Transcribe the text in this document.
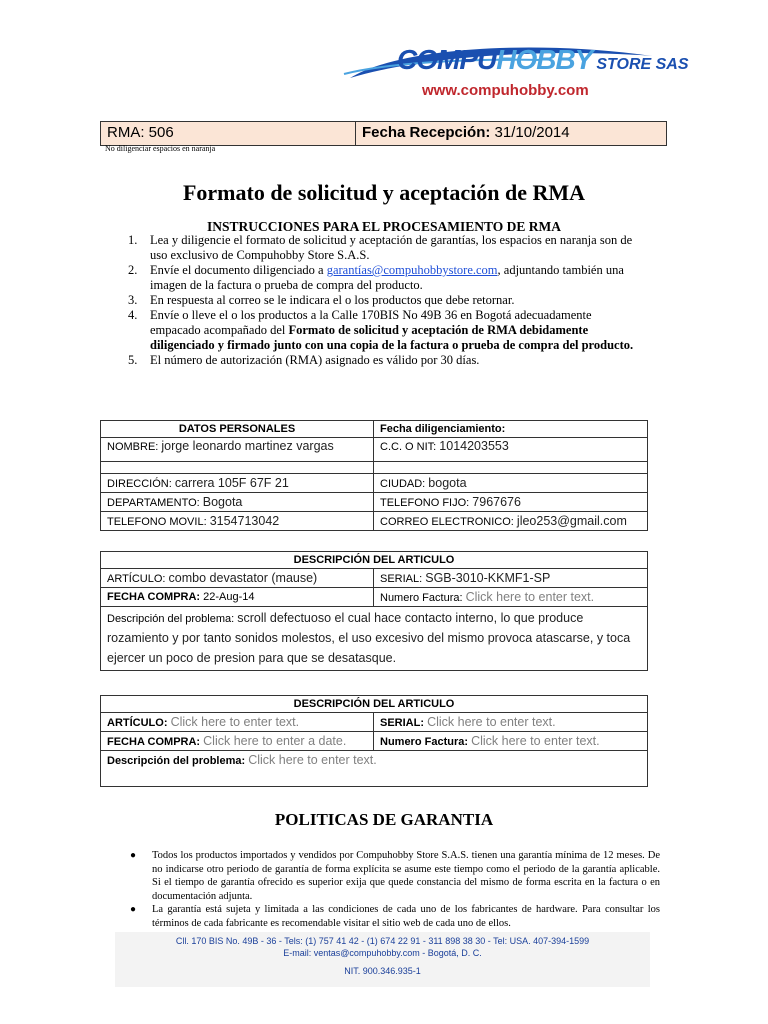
COMPUHOBBY STORE SAS
www.compuhobby.com
RMA: 506	Fecha Recepción: 31/10/2014
No diligenciar espacios en naranja
Formato de solicitud y aceptación de RMA
INSTRUCCIONES PARA EL PROCESAMIENTO DE RMA
1. Lea y diligencie el formato de solicitud y aceptación de garantías, los espacios en naranja son de uso exclusivo de Compuhobby Store S.A.S.
2. Envíe el documento diligenciado a garantías@compuhobbystore.com, adjuntando también una imagen de la factura o prueba de compra del producto.
3. En respuesta al correo se le indicara el o los productos que debe retornar.
4. Envíe o lleve el o los productos a la Calle 170BIS No 49B 36 en Bogotá adecuadamente empacado acompañado del Formato de solicitud y aceptación de RMA debidamente diligenciado y firmado junto con una copia de la factura o prueba de compra del producto.
5. El número de autorización (RMA) asignado es válido por 30 días.
DATOS PERSONALES	Fecha diligenciamiento:
NOMBRE: jorge leonardo martinez vargas	C.C. O NIT: 1014203553

DIRECCIÓN: carrera 105F 67F 21	CIUDAD: bogota
DEPARTAMENTO: Bogota	TELEFONO FIJO: 7967676
TELEFONO MOVIL: 3154713042	CORREO ELECTRONICO: jleo253@gmail.com
DESCRIPCIÓN DEL ARTICULO	
ARTÍCULO: combo devastator (mause)	SERIAL: SGB-3010-KKMF1-SP
FECHA COMPRA: 22-Aug-14	Numero Factura: Click here to enter text.
Descripción del problema: scroll defectuoso el cual hace contacto interno, lo que produce rozamiento y por tanto sonidos molestos, el uso excesivo del mismo provoca atascarse, y toca ejercer un poco de presion para que se desatasque.	
DESCRIPCIÓN DEL ARTICULO	
ARTÍCULO: Click here to enter text.	SERIAL: Click here to enter text.
FECHA COMPRA: Click here to enter a date.	Numero Factura: Click here to enter text.
Descripción del problema: Click here to enter text.	
POLITICAS DE GARANTIA
● Todos los productos importados y vendidos por Compuhobby Store S.A.S. tienen una garantía mínima de 12 meses. De no indicarse otro periodo de garantía de forma explícita se asume este tiempo como el periodo de la garantía aplicable. Si el tiempo de garantía ofrecido es superior exija que quede constancia del mismo de forma escrita en la factura o en documentación adjunta.
● La garantía está sujeta y limitada a las condiciones de cada uno de los fabricantes de hardware. Para consultar los términos de cada fabricante es recomendable visitar el sitio web de cada uno de ellos.
Cll. 170 BIS No. 49B - 36 - Tels: (1) 757 41 42 - (1) 674 22 91 - 311 898 38 30 - Tel: USA. 407-394-1599
E-mail: ventas@compuhobby.com - Bogotá, D. C.
NIT. 900.346.935-1
